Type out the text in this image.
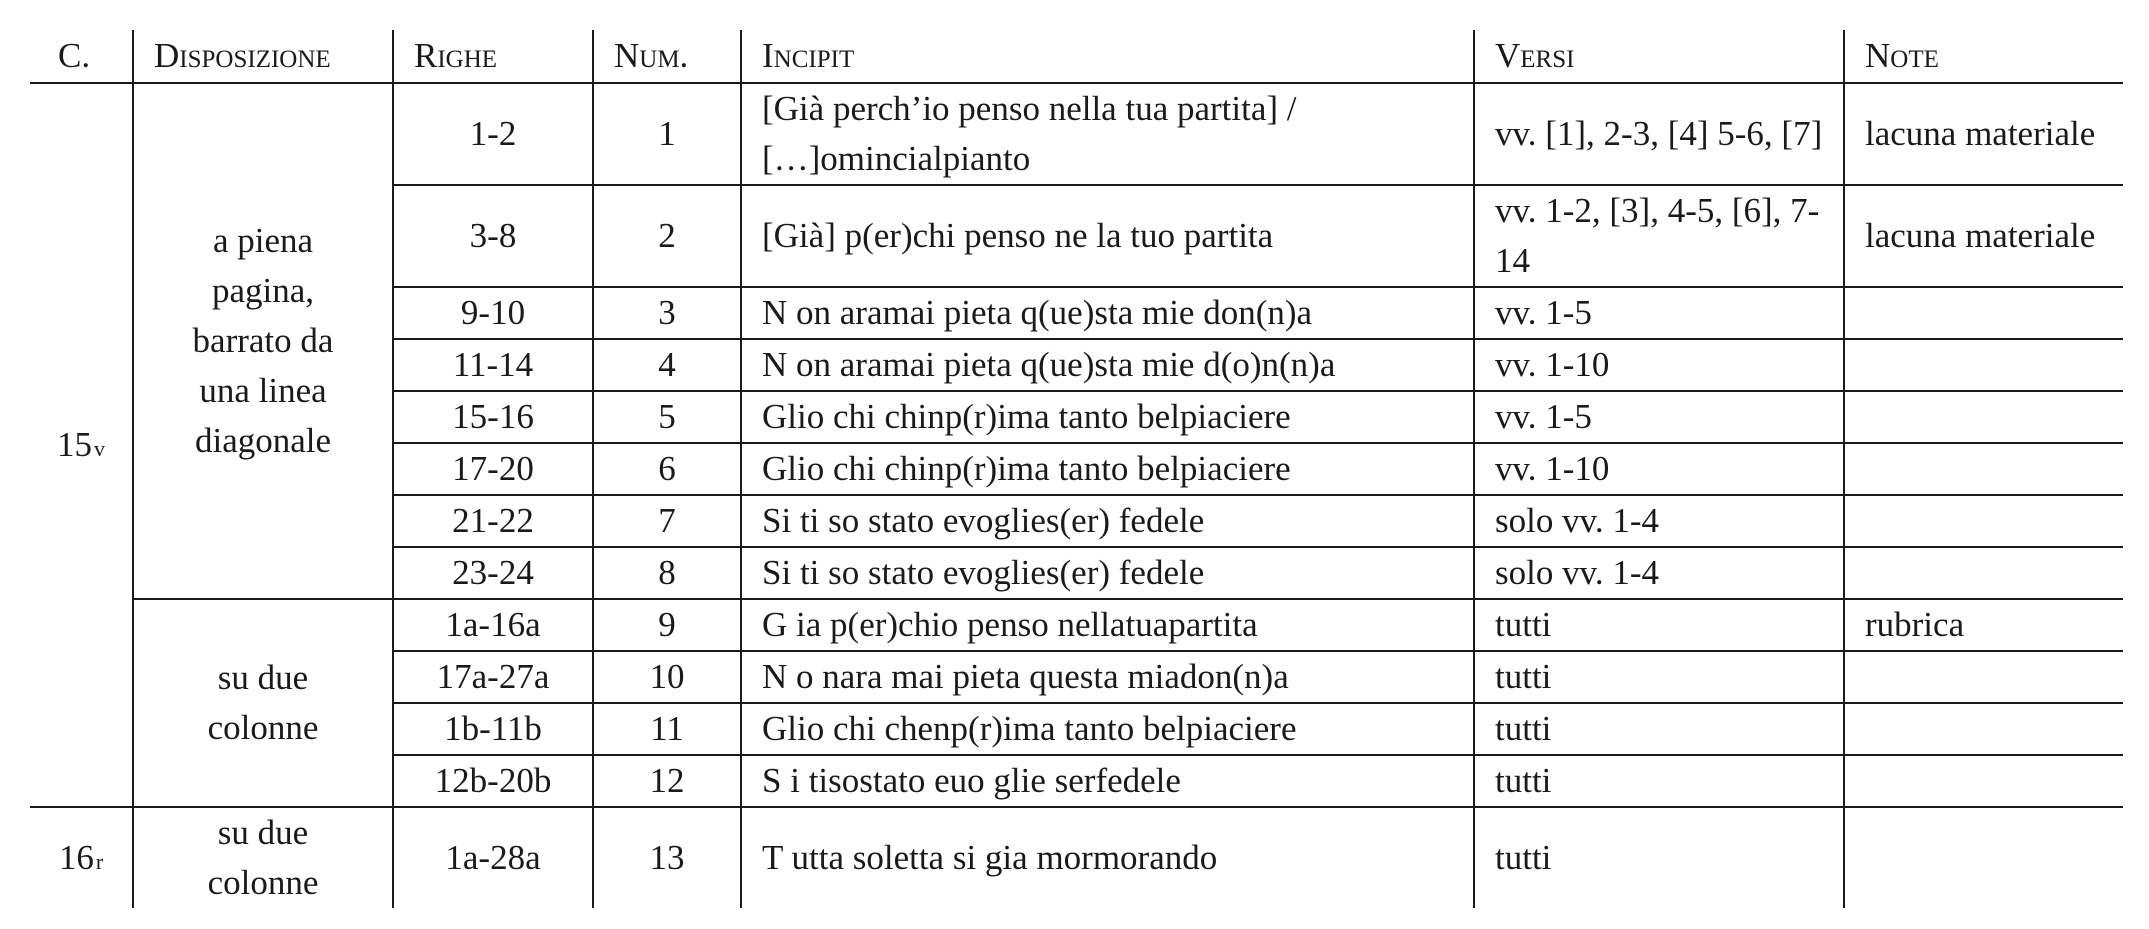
C.	Disposizione	Righe	Num.	Incipit	Versi	Note
15$^v$	a piena pagina, barrato da una linea diagonale	1-2	1	[Già perch’io penso nella tua partita] / […]omincialpianto	vv. [1], 2-3, [4] 5-6, [7]	lacuna materiale
		3-8	2	[Già] p(er)chi penso ne la tuo partita	vv. 1-2, [3], 4-5, [6], 7-14	lacuna materiale
		9-10	3	N on aramai pieta q(ue)sta mie don(n)a	vv. 1-5	
		11-14	4	N on aramai pieta q(ue)sta mie d(o)n(n)a	vv. 1-10	
		15-16	5	Glio chi chinp(r)ima tanto belpiaciere	vv. 1-5	
		17-20	6	Glio chi chinp(r)ima tanto belpiaciere	vv. 1-10	
		21-22	7	Si ti so stato evoglies(er) fedele	solo vv. 1-4	
		23-24	8	Si ti so stato evoglies(er) fedele	solo vv. 1-4	
	su due colonne	1a-16a	9	G ia p(er)chio penso nellatuapartita	tutti	rubrica
		17a-27a	10	N o nara mai pieta questa miadon(n)a	tutti	
		1b-11b	11	Glio chi chenp(r)ima tanto belpiaciere	tutti	
		12b-20b	12	S i tisostato euo glie serfedele	tutti	
16$^r$	su due colonne	1a-28a	13	T utta soletta si gia mormorando	tutti	
